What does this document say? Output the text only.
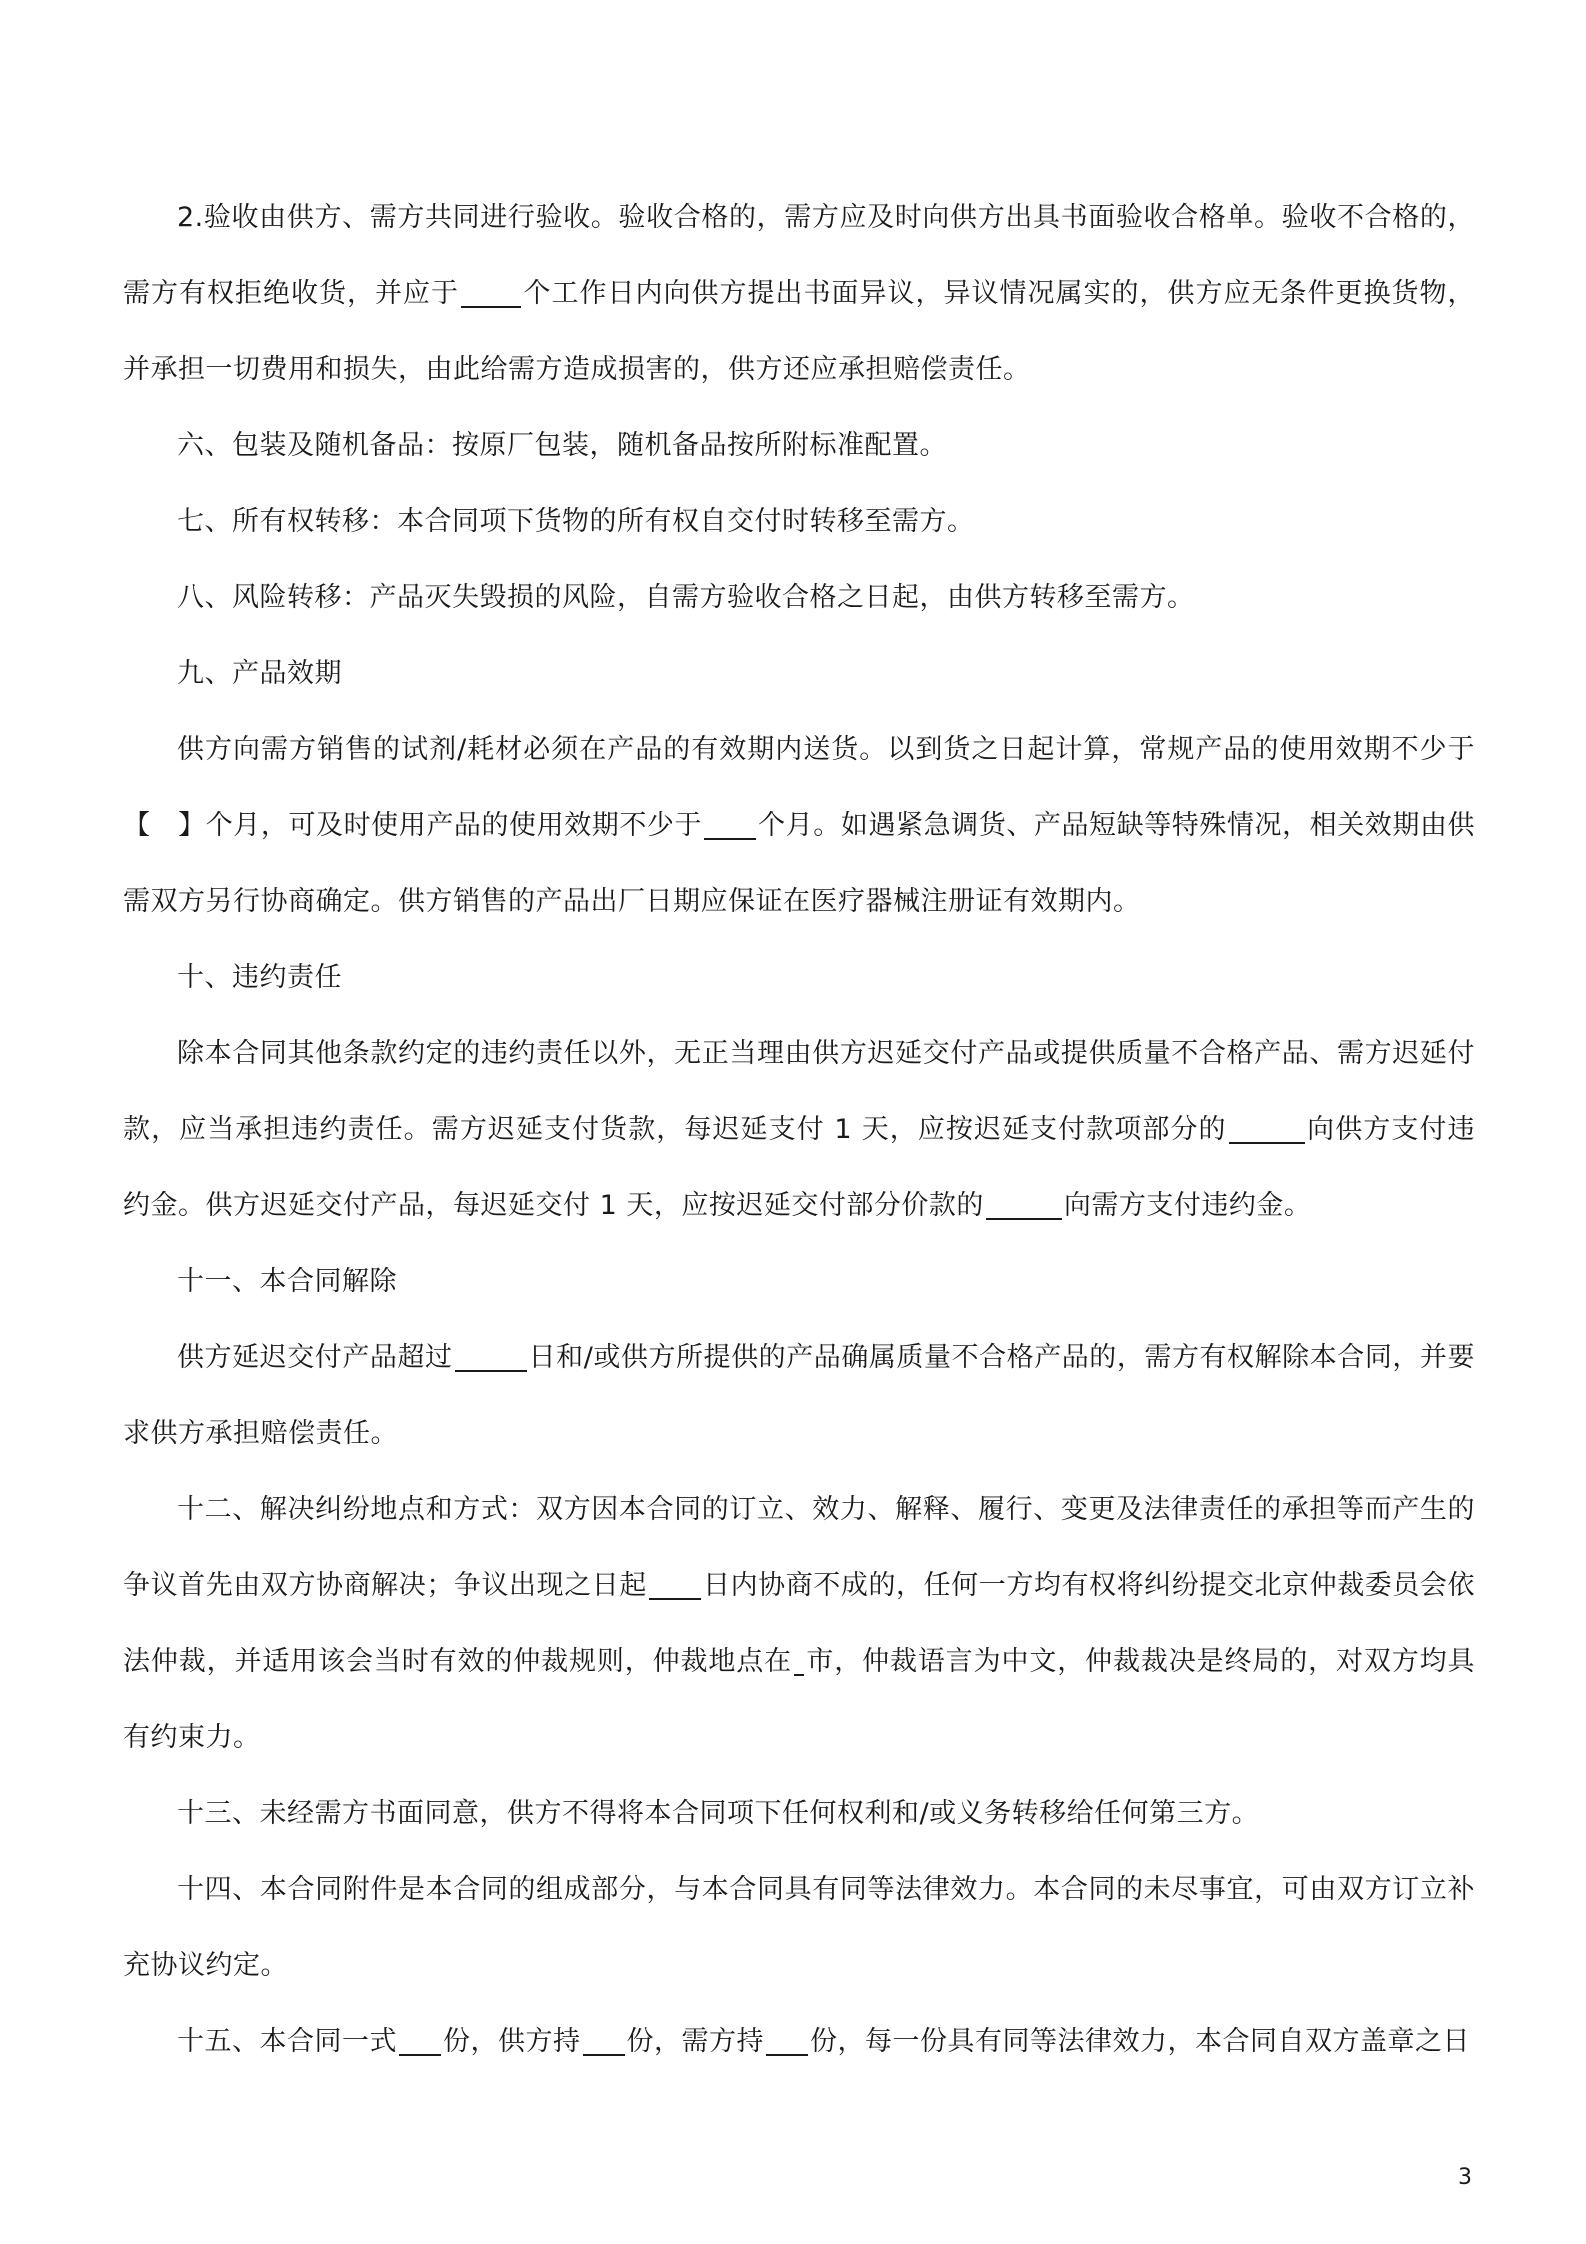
2.验收由供方、需方共同进行验收。验收合格的，需方应及时向供方出具书面验收合格单。验收不合格的，需方有权拒绝收货，并应于 个工作日内向供方提出书面异议，异议情况属实的，供方应无条件更换货物，并承担一切费用和损失，由此给需方造成损害的，供方还应承担赔偿责任。

六、包装及随机备品：按原厂包装，随机备品按所附标准配置。

七、所有权转移：本合同项下货物的所有权自交付时转移至需方。

八、风险转移：产品灭失毁损的风险，自需方验收合格之日起，由供方转移至需方。

九、产品效期

供方向需方销售的试剂/耗材必须在产品的有效期内送货。以到货之日起计算，常规产品的使用效期不少于【　】个月，可及时使用产品的使用效期不少于 个月。如遇紧急调货、产品短缺等特殊情况，相关效期由供需双方另行协商确定。供方销售的产品出厂日期应保证在医疗器械注册证有效期内。

十、违约责任

除本合同其他条款约定的违约责任以外，无正当理由供方迟延交付产品或提供质量不合格产品、需方迟延付款，应当承担违约责任。需方迟延支付货款，每迟延支付 1 天，应按迟延支付款项部分的	向供方支付违约金。供方迟延交付产品，每迟延交付 1 天，应按迟延交付部分价款的	向需方支付违约金。

十一、本合同解除

供方延迟交付产品超过	日和/或供方所提供的产品确属质量不合格产品的，需方有权解除本合同，并要求供方承担赔偿责任。

十二、解决纠纷地点和方式：双方因本合同的订立、效力、解释、履行、变更及法律责任的承担等而产生的争议首先由双方协商解决；争议出现之日起 日内协商不成的，任何一方均有权将纠纷提交北京仲裁委员会依法仲裁，并适用该会当时有效的仲裁规则，仲裁地点在 市，仲裁语言为中文，仲裁裁决是终局的，对双方均具有约束力。

十三、未经需方书面同意，供方不得将本合同项下任何权利和/或义务转移给任何第三方。

十四、本合同附件是本合同的组成部分，与本合同具有同等法律效力。本合同的未尽事宜，可由双方订立补充协议约定。

十五、本合同一式 份，供方持 份，需方持 份，每一份具有同等法律效力，本合同自双方盖章之日

3
